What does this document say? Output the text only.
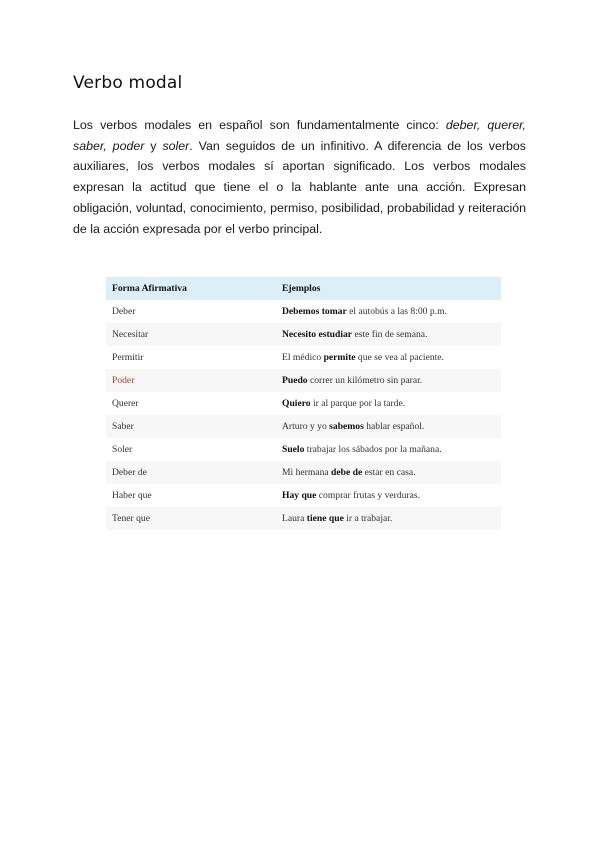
Verbo modal

Los verbos modales en español son fundamentalmente cinco: deber, querer, saber, poder y soler. Van seguidos de un infinitivo. A diferencia de los verbos auxiliares, los verbos modales sí aportan significado. Los verbos modales expresan la actitud que tiene el o la hablante ante una acción. Expresan obligación, voluntad, conocimiento, permiso, posibilidad, probabilidad y reiteración de la acción expresada por el verbo principal.

Forma Afirmativa	Ejemplos
Deber	Debemos tomar el autobús a las 8:00 p.m.
Necesitar	Necesito estudiar este fin de semana.
Permitir	El médico permite que se vea al paciente.
Poder	Puedo correr un kilómetro sin parar.
Querer	Quiero ir al parque por la tarde.
Saber	Arturo y yo sabemos hablar español.
Soler	Suelo trabajar los sábados por la mañana.
Deber de	Mi hermana debe de estar en casa.
Haber que	Hay que comprar frutas y verduras.
Tener que	Laura tiene que ir a trabajar.
